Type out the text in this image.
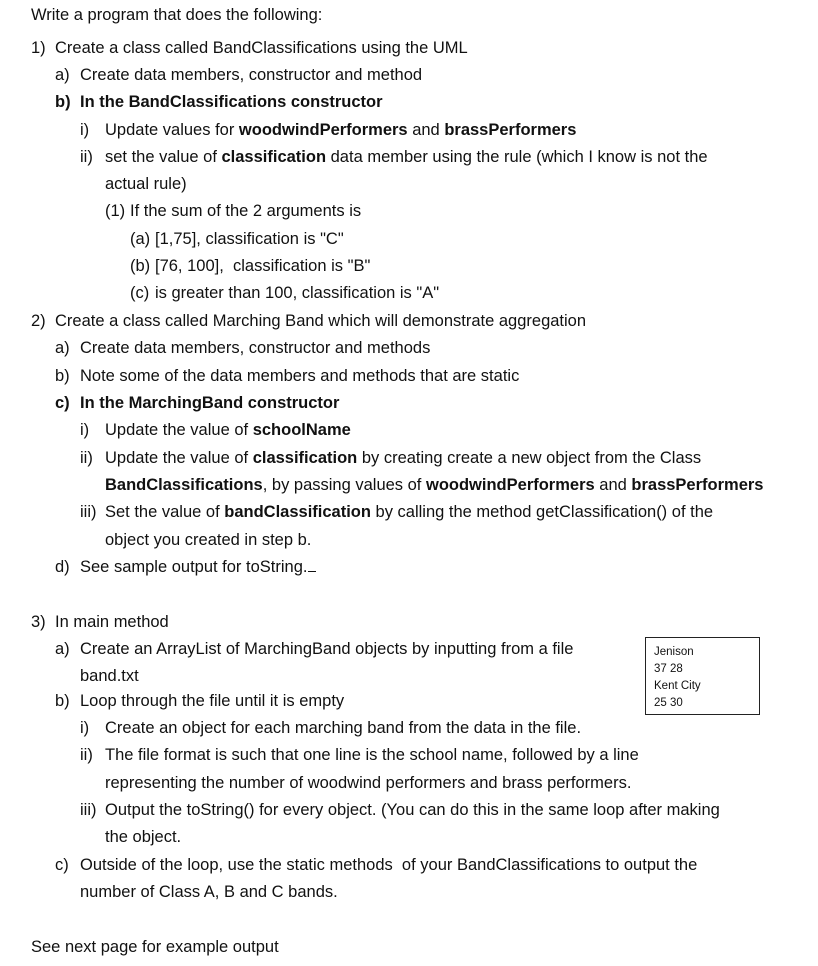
Write a program that does the following:
1) Create a class called BandClassifications using the UML
a) Create data members, constructor and method
b) In the BandClassifications constructor
i) Update values for woodwindPerformers and brassPerformers
ii) set the value of classification data member using the rule (which I know is not the
actual rule)
(1) If the sum of the 2 arguments is
(a) [1,75], classification is "C"
(b) [76, 100],  classification is "B"
(c) is greater than 100, classification is "A"
2) Create a class called Marching Band which will demonstrate aggregation
a) Create data members, constructor and methods
b) Note some of the data members and methods that are static
c) In the MarchingBand constructor
i) Update the value of schoolName
ii) Update the value of classification by creating create a new object from the Class
BandClassifications, by passing values of woodwindPerformers and brassPerformers
iii) Set the value of bandClassification by calling the method getClassification() of the
object you created in step b.
d) See sample output for toString.
3) In main method
a) Create an ArrayList of MarchingBand objects by inputting from a file
band.txt
Jenison
37 28
Kent City
25 30
b) Loop through the file until it is empty
i) Create an object for each marching band from the data in the file.
ii) The file format is such that one line is the school name, followed by a line
representing the number of woodwind performers and brass performers.
iii) Output the toString() for every object. (You can do this in the same loop after making
the object.
c) Outside of the loop, use the static methods  of your BandClassifications to output the
number of Class A, B and C bands.
See next page for example output
